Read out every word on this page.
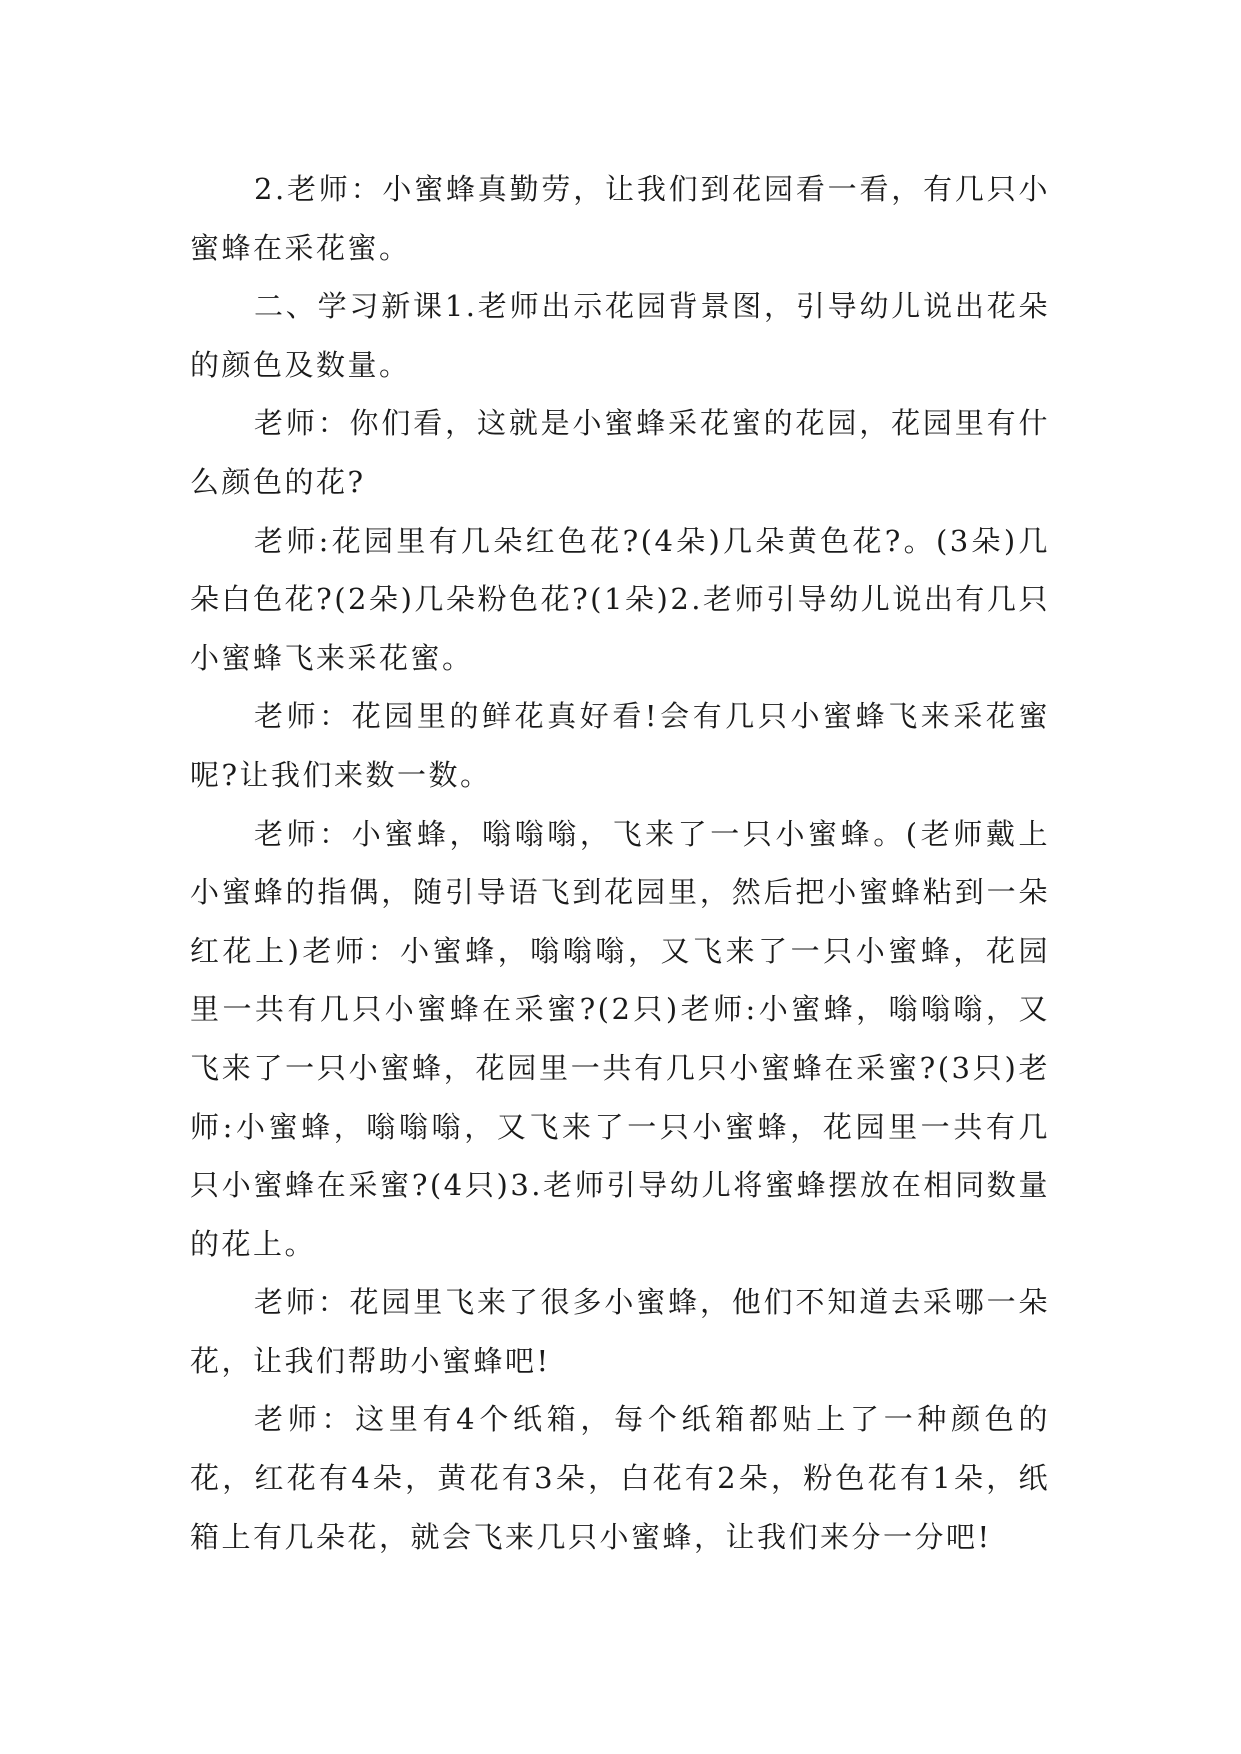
2.老师：小蜜蜂真勤劳，让我们到花园看一看，有几只小蜜蜂在采花蜜。

二、学习新课1.老师出示花园背景图，引导幼儿说出花朵的颜色及数量。

老师：你们看，这就是小蜜蜂采花蜜的花园，花园里有什么颜色的花?

老师:花园里有几朵红色花?(4朵)几朵黄色花?。(3朵)几朵白色花?(2朵)几朵粉色花?(1朵)2.老师引导幼儿说出有几只小蜜蜂飞来采花蜜。

老师：花园里的鲜花真好看!会有几只小蜜蜂飞来采花蜜呢?让我们来数一数。

老师：小蜜蜂，嗡嗡嗡，飞来了一只小蜜蜂。(老师戴上小蜜蜂的指偶，随引导语飞到花园里，然后把小蜜蜂粘到一朵红花上)老师：小蜜蜂，嗡嗡嗡，又飞来了一只小蜜蜂，花园里一共有几只小蜜蜂在采蜜?(2只)老师:小蜜蜂，嗡嗡嗡，又飞来了一只小蜜蜂，花园里一共有几只小蜜蜂在采蜜?(3只)老师:小蜜蜂，嗡嗡嗡，又飞来了一只小蜜蜂，花园里一共有几只小蜜蜂在采蜜?(4只)3.老师引导幼儿将蜜蜂摆放在相同数量的花上。

老师：花园里飞来了很多小蜜蜂，他们不知道去采哪一朵花，让我们帮助小蜜蜂吧!

老师：这里有4个纸箱，每个纸箱都贴上了一种颜色的花，红花有4朵，黄花有3朵，白花有2朵，粉色花有1朵，纸箱上有几朵花，就会飞来几只小蜜蜂，让我们来分一分吧!
